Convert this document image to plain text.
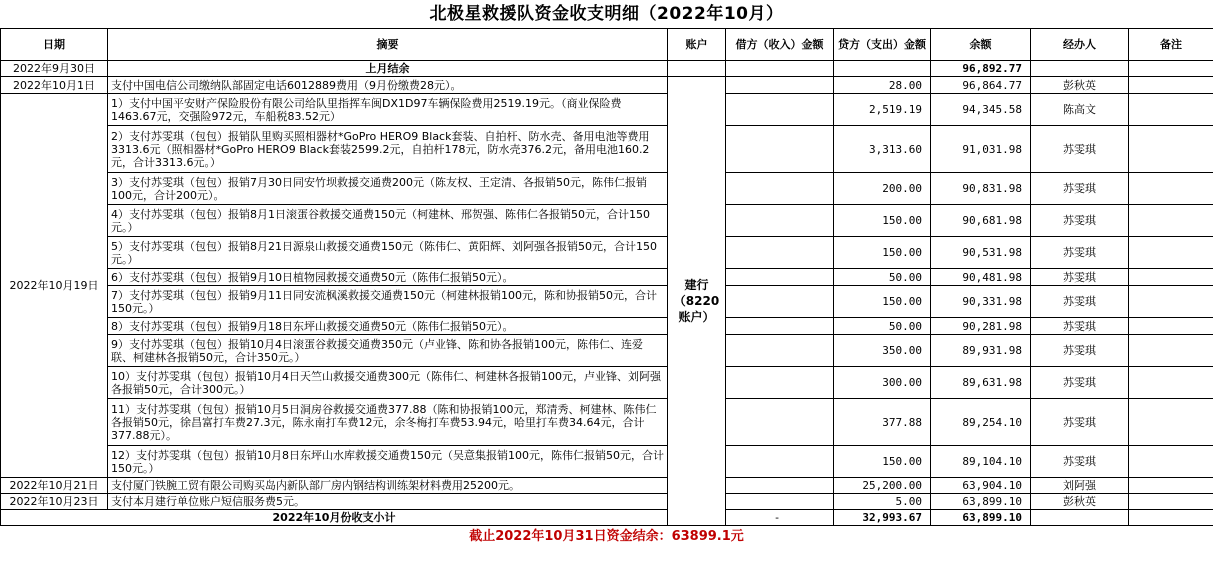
北极星救援队资金收支明细（2022年10月）
日期	摘要	账户	借方（收入）金额	贷方（支出）金额	余额	经办人	备注
2022年9月30日	上月结余				96,892.77		
2022年10月1日	支付中国电信公司缴纳队部固定电话6012889费用（9月份缴费28元）。	建行（8220账户）		28.00	96,864.77	彭秋英	
2022年10月19日	1）支付中国平安财产保险股份有限公司给队里指挥车闽DX1D97车辆保险费用2519.19元。（商业保险费1463.67元，交强险972元，车船税83.52元）			2,519.19	94,345.58	陈高文	
	2）支付苏雯琪（包包）报销队里购买照相器材*GoPro HERO9 Black套装、自拍杆、防水壳、备用电池等费用3313.6元（照相器材*GoPro HERO9 Black套装2599.2元，自拍杆178元，防水壳376.2元，备用电池160.2元，合计3313.6元。）			3,313.60	91,031.98	苏雯琪	
	3）支付苏雯琪（包包）报销7月30日同安竹坝救援交通费200元（陈友权、王定清、各报销50元，陈伟仁报销100元，合计200元）。			200.00	90,831.98	苏雯琪	
	4）支付苏雯琪（包包）报销8月1日滚蛋谷救援交通费150元（柯建林、邢贺强、陈伟仁各报销50元，合计150元。）			150.00	90,681.98	苏雯琪	
	5）支付苏雯琪（包包）报销8月21日源泉山救援交通费150元（陈伟仁、黄阳辉、刘阿强各报销50元，合计150元。）			150.00	90,531.98	苏雯琪	
	6）支付苏雯琪（包包）报销9月10日植物园救援交通费50元（陈伟仁报销50元）。			50.00	90,481.98	苏雯琪	
	7）支付苏雯琪（包包）报销9月11日同安流枫溪救援交通费150元（柯建林报销100元，陈和协报销50元，合计150元。）			150.00	90,331.98	苏雯琪	
	8）支付苏雯琪（包包）报销9月18日东坪山救援交通费50元（陈伟仁报销50元）。			50.00	90,281.98	苏雯琪	
	9）支付苏雯琪（包包）报销10月4日滚蛋谷救援交通费350元（卢业锋、陈和协各报销100元，陈伟仁、连爱联、柯建林各报销50元，合计350元。）			350.00	89,931.98	苏雯琪	
	10）支付苏雯琪（包包）报销10月4日天竺山救援交通费300元（陈伟仁、柯建林各报销100元，卢业锋、刘阿强各报销50元，合计300元。）			300.00	89,631.98	苏雯琪	
	11）支付苏雯琪（包包）报销10月5日洞房谷救援交通费377.88（陈和协报销100元，郑清秀、柯建林、陈伟仁各报销50元，徐昌富打车费27.3元，陈永南打车费12元，余冬梅打车费53.94元，哈里打车费34.64元，合计377.88元）。			377.88	89,254.10	苏雯琪	
	12）支付苏雯琪（包包）报销10月8日东坪山水库救援交通费150元（吴意集报销100元，陈伟仁报销50元，合计150元。）			150.00	89,104.10	苏雯琪	
2022年10月21日	支付厦门铁腕工贸有限公司购买岛内新队部厂房内钢结构训练架材料费用25200元。			25,200.00	63,904.10	刘阿强	
2022年10月23日	支付本月建行单位账户短信服务费5元。			5.00	63,899.10	彭秋英	
2022年10月份收支小计			-	32,993.67	63,899.10		
截止2022年10月31日资金结余：63899.1元
